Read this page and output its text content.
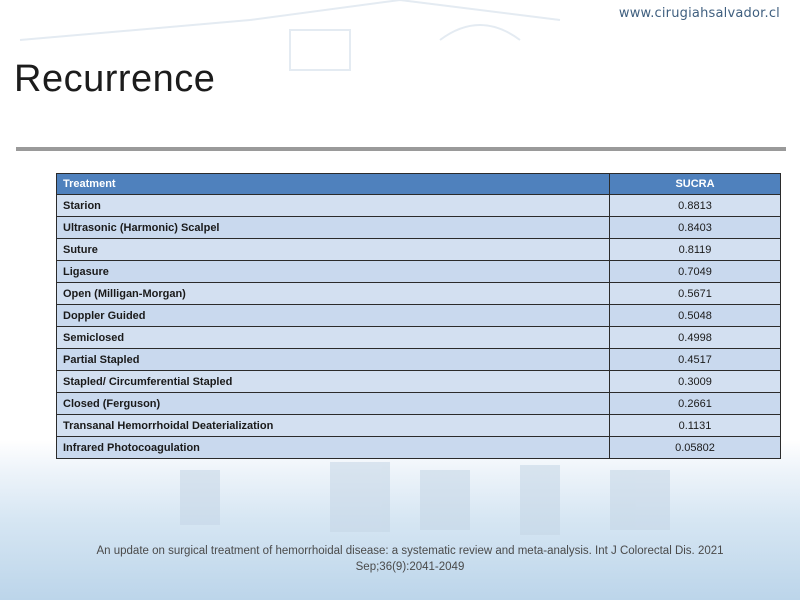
www.cirugiahsalvador.cl
Recurrence
Treatment	SUCRA
Starion	0.8813
Ultrasonic (Harmonic) Scalpel	0.8403
Suture	0.8119
Ligasure	0.7049
Open (Milligan-Morgan)	0.5671
Doppler Guided	0.5048
Semiclosed	0.4998
Partial Stapled	0.4517
Stapled/ Circumferential Stapled	0.3009
Closed (Ferguson)	0.2661
Transanal Hemorrhoidal Deaterialization	0.1131
Infrared Photocoagulation	0.05802
An update on surgical treatment of hemorrhoidal disease: a systematic review and meta-analysis. Int J Colorectal Dis. 2021
Sep;36(9):2041-2049
